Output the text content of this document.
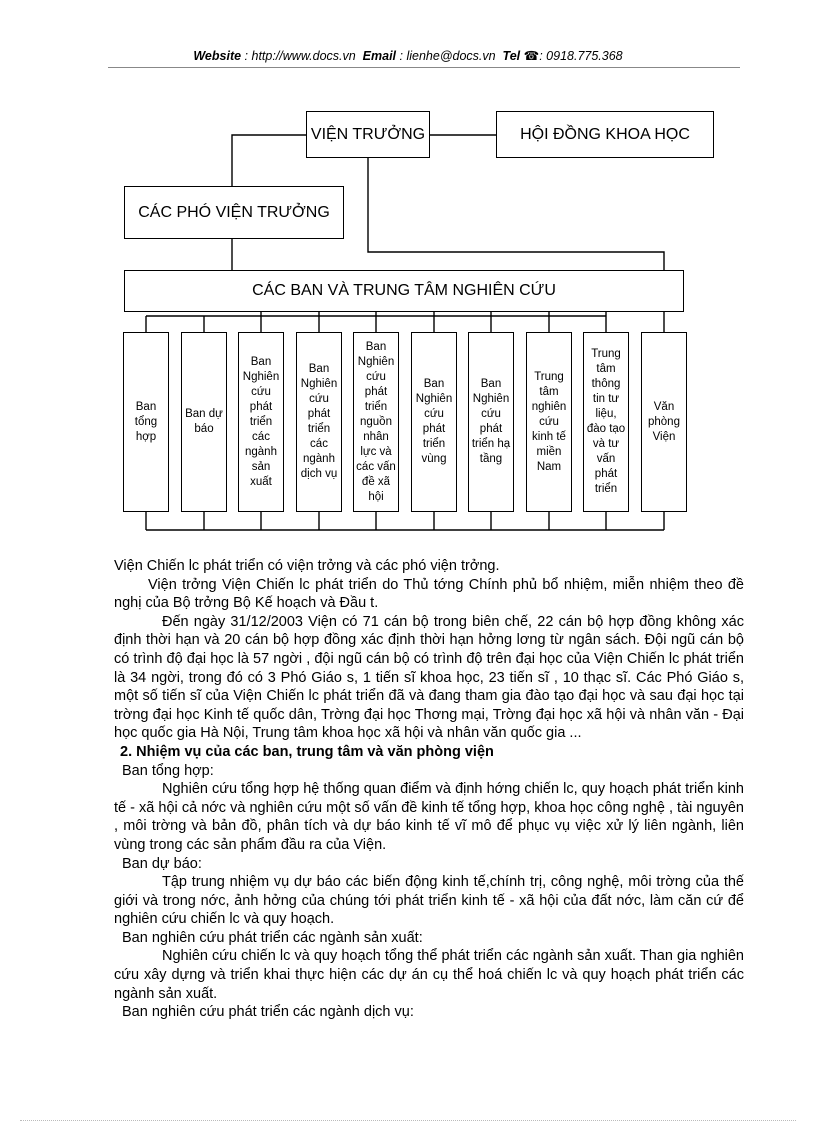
Website : http://www.docs.vn Email : lienhe@docs.vn Tel ☎: 0918.775.368
VIỆN TRƯỞNG	HỘI ĐỒNG KHOA HỌC
CÁC PHÓ VIỆN TRƯỞNG
CÁC BAN VÀ TRUNG TÂM NGHIÊN CỨU
Ban tổng hợp
Ban dự báo
Ban Nghiên cứu phát triển các ngành sản xuất
Ban Nghiên cứu phát triển các ngành dịch vụ
Ban Nghiên cứu phát triển nguồn nhân lực và các vấn đề xã hội
Ban Nghiên cứu phát triển vùng
Ban Nghiên cứu phát triển hạ tầng
Trung tâm nghiên cứu kinh tế miền Nam
Trung tâm thông tin tư liệu, đào tạo và tư vấn phát triển
Văn phòng Viện

Viện Chiến lc phát triển có viện trởng và các phó viện trởng.

Viện trởng Viện Chiến lc phát triển do Thủ tớng Chính phủ bổ nhiệm, miễn nhiệm theo đề nghị của Bộ trởng Bộ Kế hoạch và Đầu t.

Đến ngày 31/12/2003 Viện có 71 cán bộ trong biên chế, 22 cán bộ hợp đồng không xác định thời hạn và 20 cán bộ hợp đồng xác định thời hạn hởng lơng từ ngân sách. Đội ngũ cán bộ có trình độ đại học là 57 ngời , đội ngũ cán bộ có trình độ trên đại học của Viện Chiến lc phát triển là 34 ngời, trong đó có 3 Phó Giáo s, 1 tiến sĩ khoa học, 23 tiến sĩ , 10 thạc sĩ. Các Phó Giáo s, một số tiến sĩ của Viện Chiến lc phát triển đã và đang tham gia đào tạo đại học và sau đại học tại trờng đại học Kinh tế quốc dân, Trờng đại học Thơng mại, Trờng đại học xã hội và nhân văn - Đại học quốc gia Hà Nội, Trung tâm khoa học xã hội và nhân văn quốc gia ...

2. Nhiệm vụ của các ban, trung tâm và văn phòng viện

Ban tổng hợp:

Nghiên cứu tổng hợp hệ thống quan điểm và định hớng chiến lc, quy hoạch phát triển kinh tế - xã hội cả nớc và nghiên cứu một số vấn đề kinh tế tổng hợp, khoa học công nghệ , tài nguyên , môi trờng và bản đồ, phân tích và dự báo kinh tế vĩ mô để phục vụ việc xử lý liên ngành, liên vùng trong các sản phẩm đầu ra của Viện.

Ban dự báo:

Tập trung nhiệm vụ dự báo các biến động kinh tế,chính trị, công nghệ, môi trờng của thế giới và trong nớc, ảnh hởng của chúng tới phát triển kinh tế - xã hội của đất nớc, làm căn cứ để nghiên cứu chiến lc và quy hoạch.

Ban nghiên cứu phát triển các ngành sản xuất:

Nghiên cứu chiến lc và quy hoạch tổng thể phát triển các ngành sản xuất. Than gia nghiên cứu xây dựng và triển khai thực hiện các dự án cụ thể hoá chiến lc và quy hoạch phát triển các ngành sản xuất.

Ban nghiên cứu phát triển các ngành dịch vụ:
